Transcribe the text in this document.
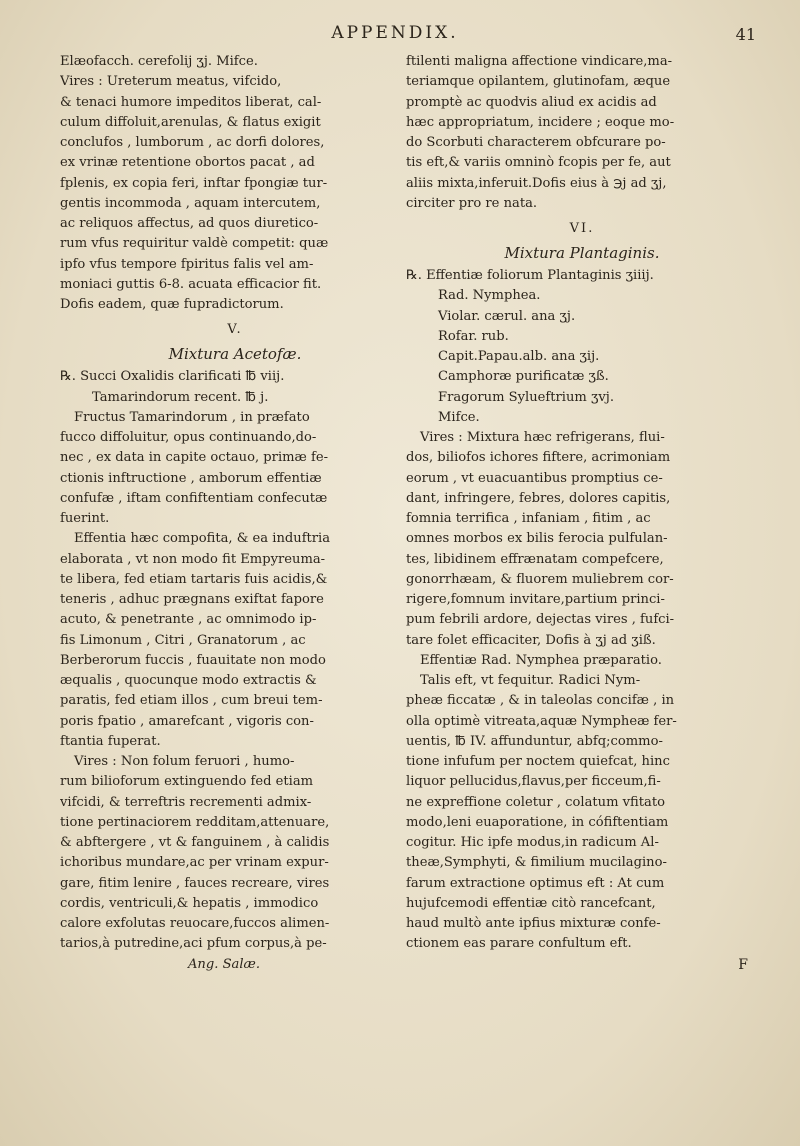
APPENDIX.	41
Elæofacch. cerefolij ʒj. Mifce.
Vires : Ureterum meatus, vifcido,
& tenaci humore impeditos liberat, cal-
culum diffoluit,arenulas, & flatus exigit
conclufos , lumborum , ac dorfi dolores,
ex vrinæ retentione obortos pacat , ad
fplenis, ex copia feri, inftar fpongiæ tur-
gentis incommoda , aquam intercutem,
ac reliquos affectus, ad quos diuretico-
rum vfus requiritur valdè competit: quæ
ipfo vfus tempore fpiritus falis vel am-
moniaci guttis 6-8. acuata efficacior fit.
Dofis eadem, quæ fupradictorum.
V.
Mixtura Acetofæ.
℞. Succi Oxalidis clarificati ℔ viij.
Tamarindorum recent. ℔ j.
Fructus Tamarindorum , in præfato
fucco diffoluitur, opus continuando,do-
nec , ex data in capite octauo, primæ fe-
ctionis inftructione , amborum effentiæ
confufæ , iftam confiftentiam confecutæ
fuerint.
Effentia hæc compofita, & ea induftria
elaborata , vt non modo fit Empyreuma-
te libera, fed etiam tartaris fuis acidis,&
teneris , adhuc prægnans exiftat fapore
acuto, & penetrante , ac omnimodo ip-
fis Limonum , Citri , Granatorum , ac
Berberorum fuccis , fuauitate non modo
æqualis , quocunque modo extractis &
paratis, fed etiam illos , cum breui tem-
poris fpatio , amarefcant , vigoris con-
ftantia fuperat.
Vires : Non folum feruori , humo-
rum bilioforum extinguendo fed etiam
vifcidi, & terreftris recrementi admix-
tione pertinaciorem redditam,attenuare,
& abftergere , vt & fanguinem , à calidis
ichoribus mundare,ac per vrinam expur-
gare, fitim lenire , fauces recreare, vires
cordis, ventriculi,& hepatis , immodico
calore exfolutas reuocare,fuccos alimen-
tarios,à putredine,aci pfum corpus,à pe-
Ang. Salæ.
ftilenti maligna affectione vindicare,ma-
teriamque opilantem, glutinofam, æque
promptè ac quodvis aliud ex acidis ad
hæc appropriatum, incidere ; eoque mo-
do Scorbuti characterem obfcurare po-
tis eft,& variis omninò fcopis per fe, aut
aliis mixta,inferuit.Dofis eius à ℈j ad ʒj,
circiter pro re nata.
VI.
Mixtura Plantaginis.
℞. Effentiæ foliorum Plantaginis ʒiiij.
Rad. Nymphea.
Violar. cærul. ana ʒj.
Rofar. rub.
Capit.Papau.alb. ana ʒij.
Camphoræ purificatæ ʒß.
Fragorum Sylueftrium ʒvj.
Mifce.
Vires : Mixtura hæc refrigerans, flui-
dos, biliofos ichores fiftere, acrimoniam
eorum , vt euacuantibus promptius ce-
dant, infringere, febres, dolores capitis,
fomnia terrifica , infaniam , fitim , ac
omnes morbos ex bilis ferocia pulfulan-
tes, libidinem effrænatam compefcere,
gonorrhæam, & fluorem muliebrem cor-
rigere,fomnum invitare,partium princi-
pum febrili ardore, dejectas vires , fufci-
tare folet efficaciter, Dofis à ʒj ad ʒiß.
Effentiæ Rad. Nymphea præparatio.
Talis eft, vt fequitur. Radici Nym-
pheæ ficcatæ , & in taleolas concifæ , in
olla optimè vitreata,aquæ Nympheæ fer-
uentis, ℔ IV. affunduntur, abfq;commo-
tione infufum per noctem quiefcat, hinc
liquor pellucidus,flavus,per ficceum,fi-
ne expreffione coletur , colatum vfitato
modo,leni euaporatione, in cófiftentiam
cogitur. Hic ipfe modus,in radicum Al-
theæ,Symphyti, & fimilium mucilagino-
farum extractione optimus eft : At cum
hujufcemodi effentiæ citò rancefcant,
haud multò ante ipfius mixturæ confe-
ctionem eas parare confultum eft.
F
